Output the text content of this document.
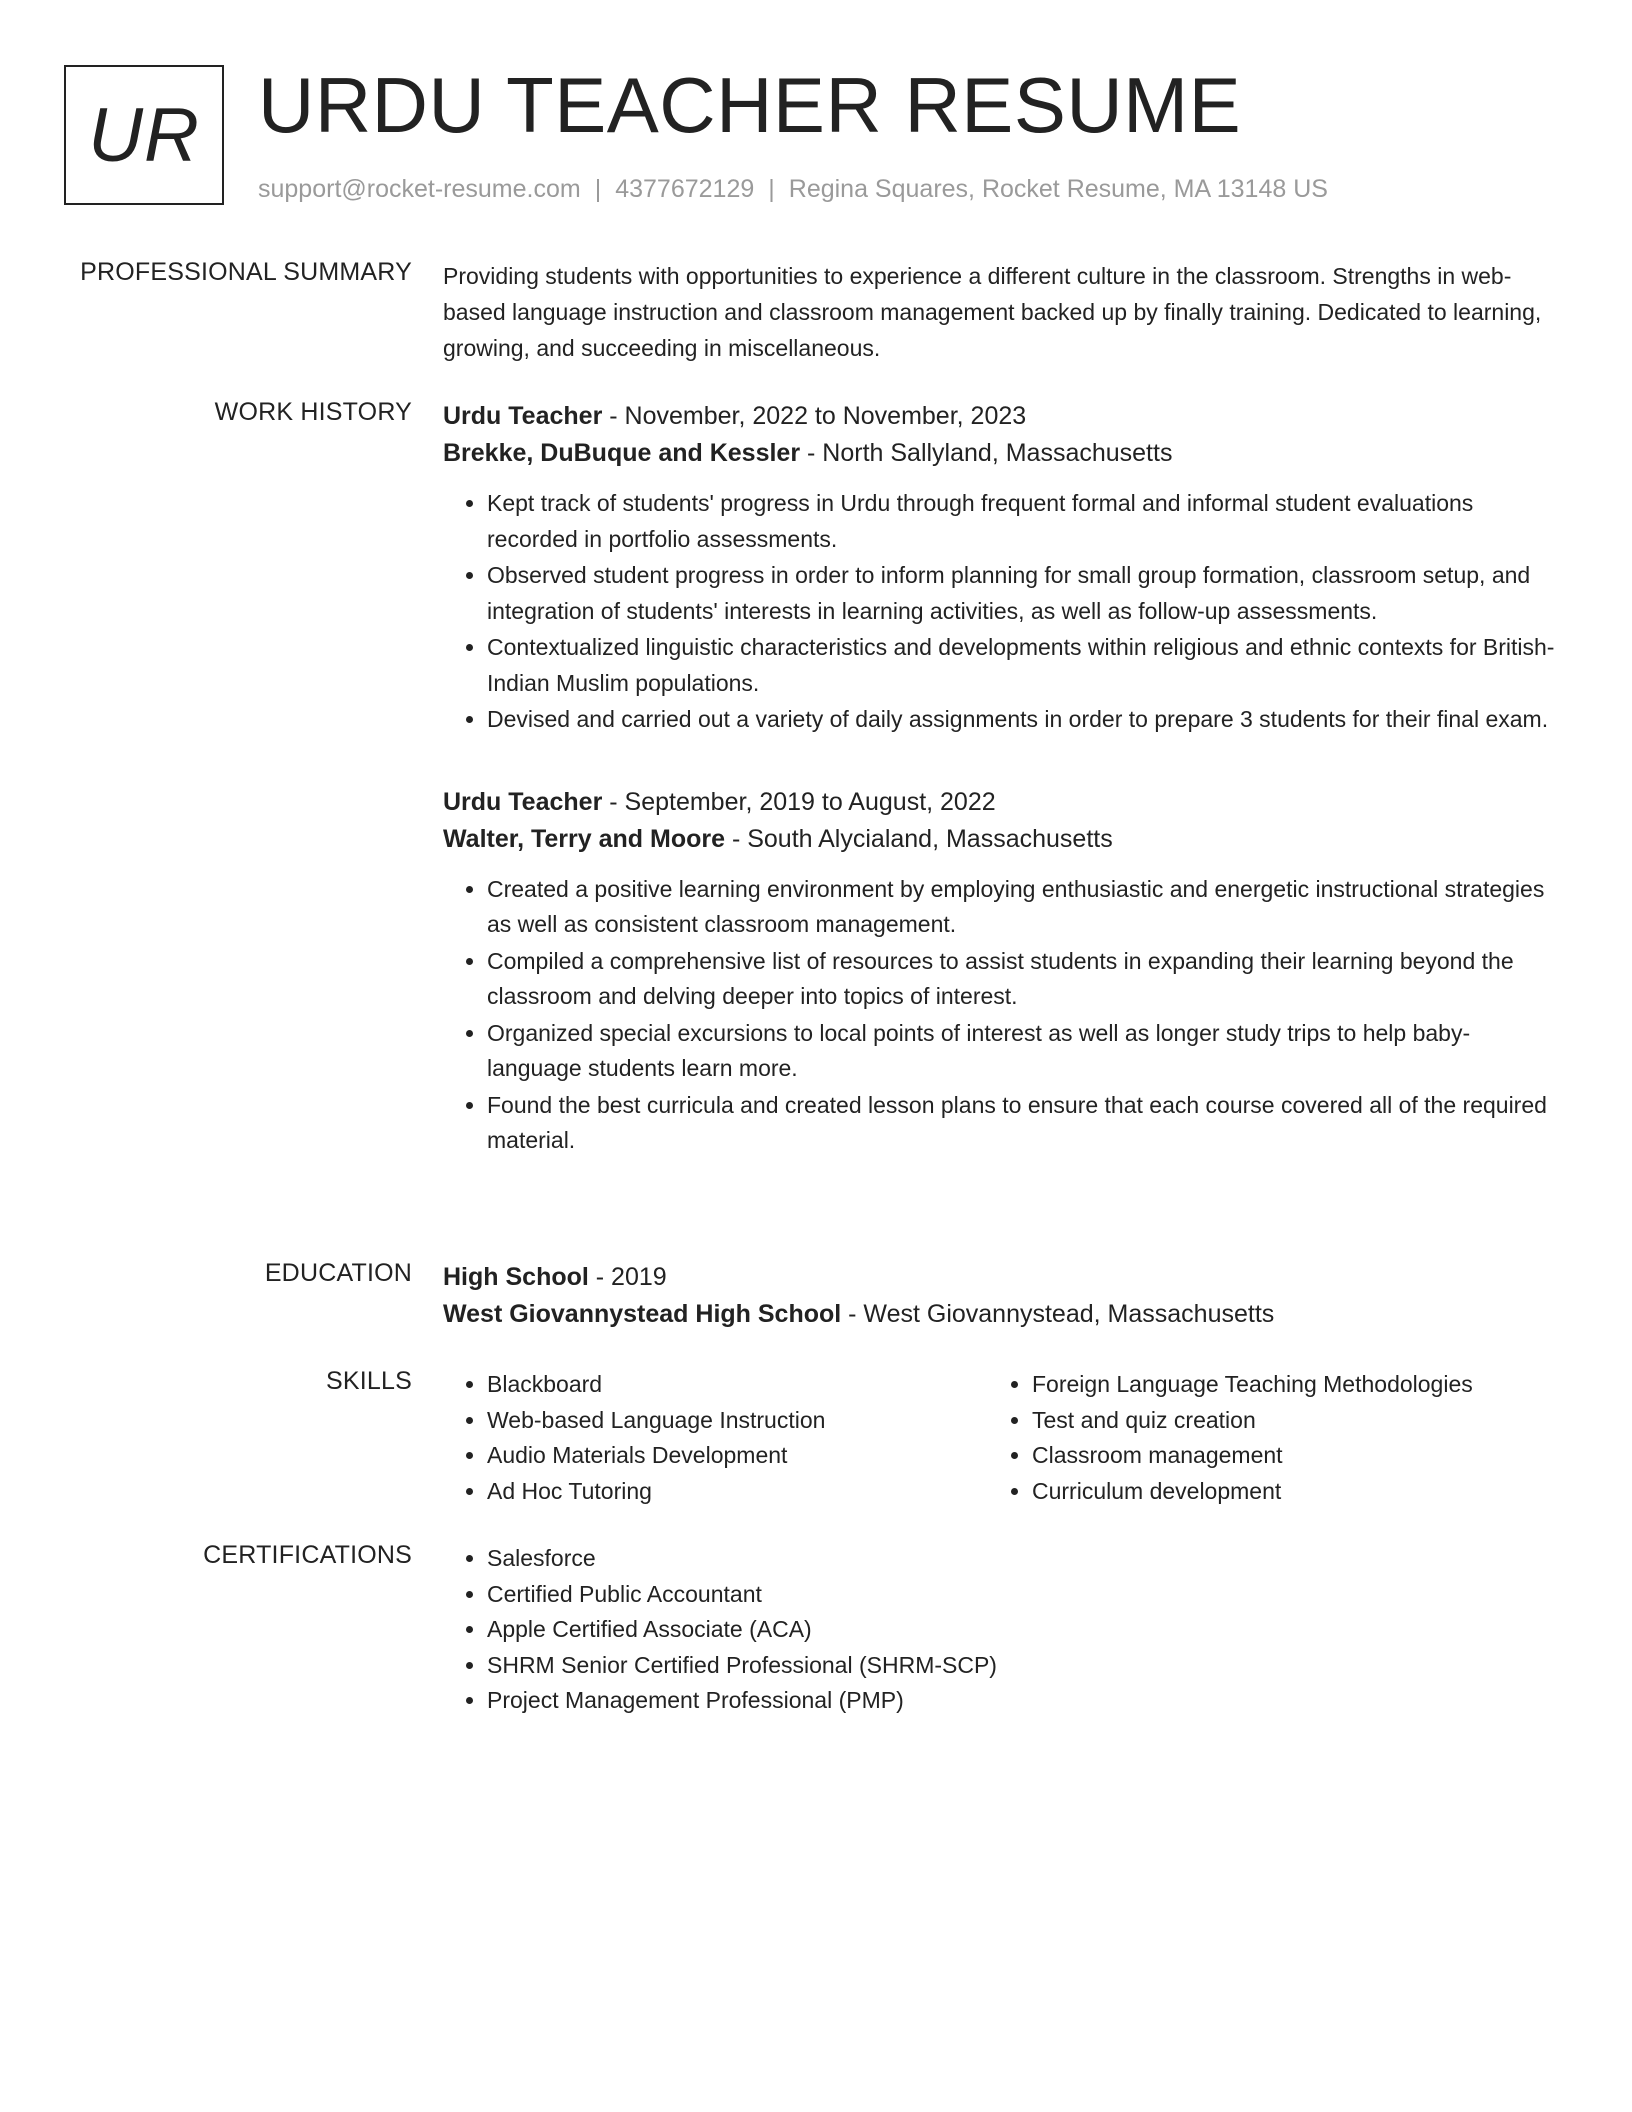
UR URDU TEACHER RESUME
support@rocket-resume.com | 4377672129 | Regina Squares, Rocket Resume, MA 13148 US
PROFESSIONAL SUMMARY Providing students with opportunities to experience a different culture in the classroom. Strengths in web-based language instruction and classroom management backed up by finally training. Dedicated to learning, growing, and succeeding in miscellaneous.

WORK HISTORY Urdu Teacher - November, 2022 to November, 2023
Brekke, DuBuque and Kessler - North Sallyland, Massachusetts
• Kept track of students' progress in Urdu through frequent formal and informal student evaluations recorded in portfolio assessments.
• Observed student progress in order to inform planning for small group formation, classroom setup, and integration of students' interests in learning activities, as well as follow-up assessments.
• Contextualized linguistic characteristics and developments within religious and ethnic contexts for British-Indian Muslim populations.
• Devised and carried out a variety of daily assignments in order to prepare 3 students for their final exam.
Urdu Teacher - September, 2019 to August, 2022
Walter, Terry and Moore - South Alycialand, Massachusetts
• Created a positive learning environment by employing enthusiastic and energetic instructional strategies as well as consistent classroom management.
• Compiled a comprehensive list of resources to assist students in expanding their learning beyond the classroom and delving deeper into topics of interest.
• Organized special excursions to local points of interest as well as longer study trips to help baby-language students learn more.
• Found the best curricula and created lesson plans to ensure that each course covered all of the required material.
EDUCATION High School - 2019
West Giovannystead High School - West Giovannystead, Massachusetts
SKILLS	• Blackboard
• Web-based Language Instruction
• Audio Materials Development
• Ad Hoc Tutoring
• Foreign Language Teaching Methodologies
• Test and quiz creation
• Classroom management
• Curriculum development
CERTIFICATIONS	• Salesforce
• Certified Public Accountant
• Apple Certified Associate (ACA)
• SHRM Senior Certified Professional (SHRM-SCP)
• Project Management Professional (PMP)
